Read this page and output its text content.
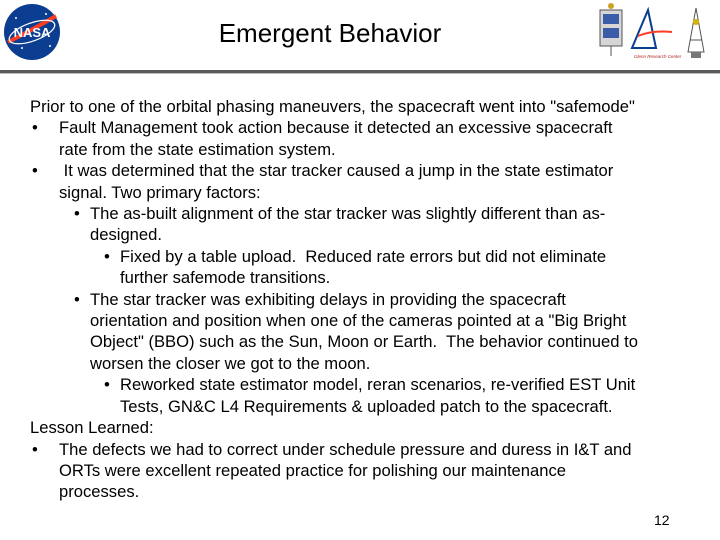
NASA	Emergent Behavior
Glenn Research Center
Prior to one of the orbital phasing maneuvers, the spacecraft went into "safemode"
• Fault Management took action because it detected an excessive spacecraft
rate from the state estimation system.
• It was determined that the star tracker caused a jump in the state estimator
signal. Two primary factors:
• The as-built alignment of the star tracker was slightly different than as-
designed.
• Fixed by a table upload.  Reduced rate errors but did not eliminate
further safemode transitions.
• The star tracker was exhibiting delays in providing the spacecraft
orientation and position when one of the cameras pointed at a "Big Bright
Object" (BBO) such as the Sun, Moon or Earth.  The behavior continued to
worsen the closer we got to the moon.
• Reworked state estimator model, reran scenarios, re-verified EST Unit
Tests, GN&C L4 Requirements & uploaded patch to the spacecraft.
Lesson Learned:
• The defects we had to correct under schedule pressure and duress in I&T and
ORTs were excellent repeated practice for polishing our maintenance
processes.
12
